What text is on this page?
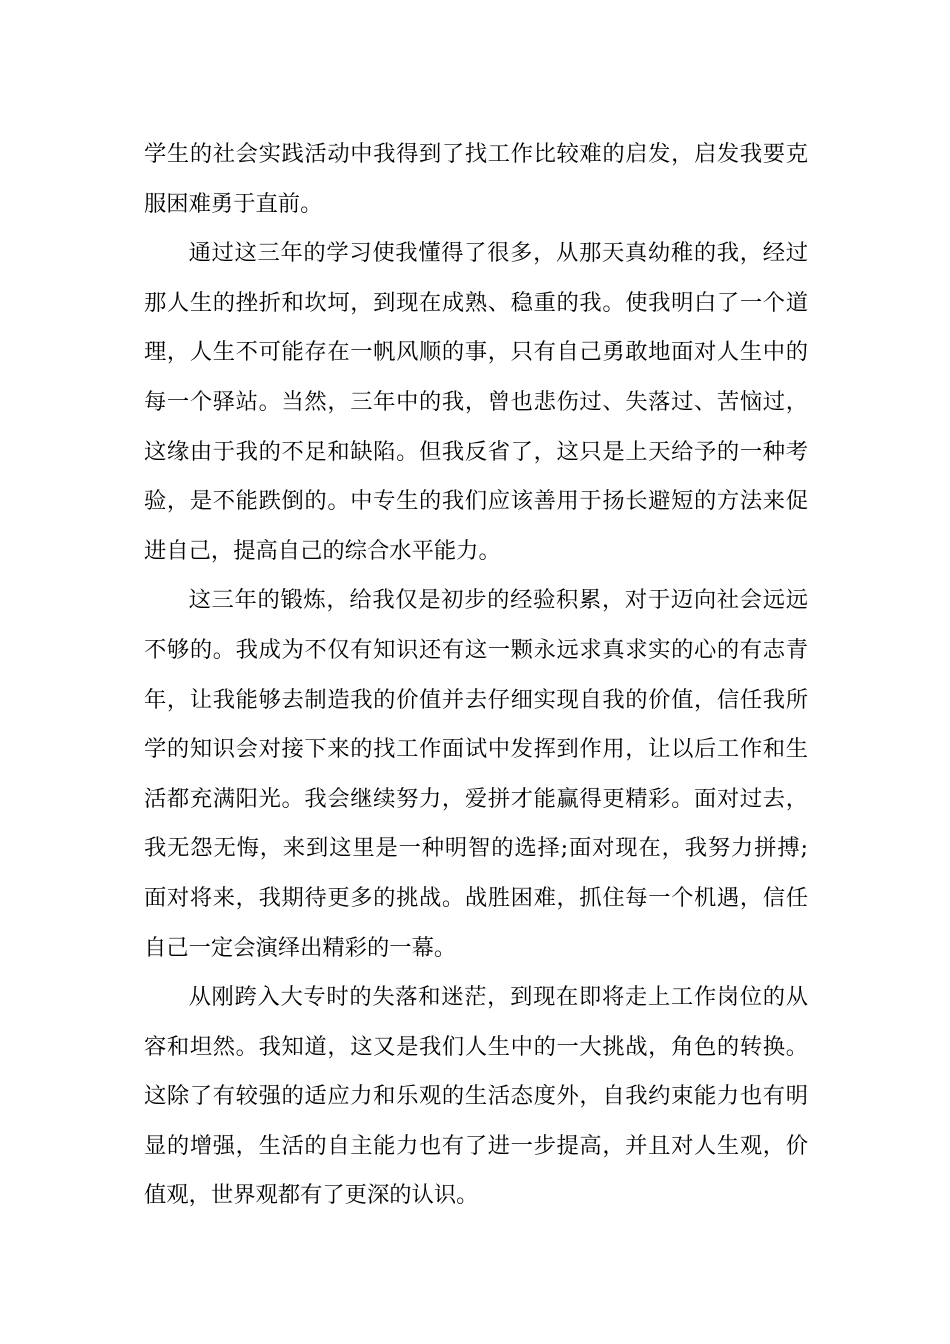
学生的社会实践活动中我得到了找工作比较难的启发，启发我要克
服困难勇于直前。

通过这三年的学习使我懂得了很多，从那天真幼稚的我，经过
那人生的挫折和坎坷，到现在成熟、稳重的我。使我明白了一个道
理，人生不可能存在一帆风顺的事，只有自己勇敢地面对人生中的
每一个驿站。当然，三年中的我，曾也悲伤过、失落过、苦恼过，
这缘由于我的不足和缺陷。但我反省了，这只是上天给予的一种考
验，是不能跌倒的。中专生的我们应该善用于扬长避短的方法来促
进自己，提高自己的综合水平能力。

这三年的锻炼，给我仅是初步的经验积累，对于迈向社会远远
不够的。我成为不仅有知识还有这一颗永远求真求实的心的有志青
年，让我能够去制造我的价值并去仔细实现自我的价值，信任我所
学的知识会对接下来的找工作面试中发挥到作用，让以后工作和生
活都充满阳光。我会继续努力，爱拼才能赢得更精彩。面对过去，
我无怨无悔，来到这里是一种明智的选择;面对现在，我努力拼搏;
面对将来，我期待更多的挑战。战胜困难，抓住每一个机遇，信任
自己一定会演绎出精彩的一幕。

从刚跨入大专时的失落和迷茫，到现在即将走上工作岗位的从
容和坦然。我知道，这又是我们人生中的一大挑战，角色的转换。
这除了有较强的适应力和乐观的生活态度外，自我约束能力也有明
显的增强，生活的自主能力也有了进一步提高，并且对人生观，价
值观，世界观都有了更深的认识。
